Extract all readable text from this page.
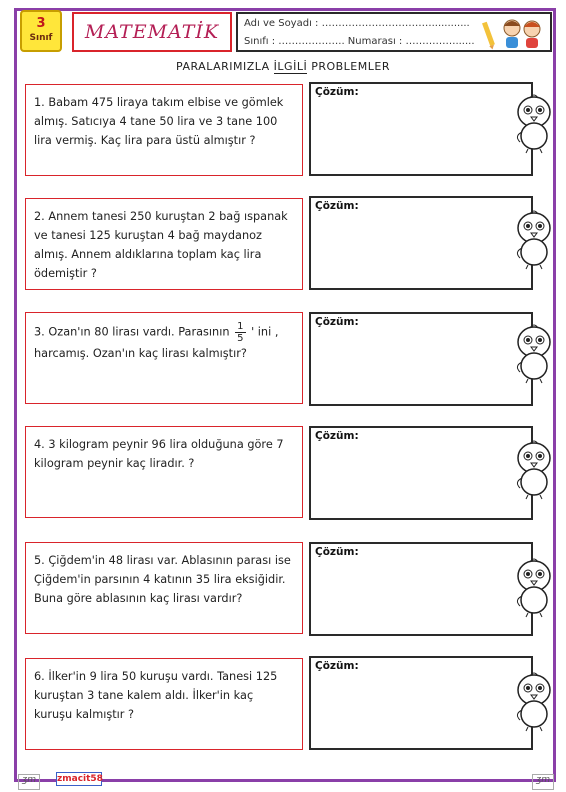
3
Sınıf	MATEMATİK Adı ve Soyadı : ……………………………............
Sınıfı : ……………….. Numarası : ……………......
PARALARIMIZLA İLGİLİ PROBLEMLER
1. Babam 475 liraya takım elbise ve gömlek almış. Satıcıya 4 tane 50 lira ve 3 tane 100 lira vermiş. Kaç lira para üstü almıştır ?
Çözüm:
2. Annem tanesi 250 kuruştan 2 bağ ıspanak ve tanesi 125 kuruştan 4 bağ maydanoz almış. Annem aldıklarına toplam kaç lira ödemiştir ?
Çözüm:
3. Ozan'ın 80 lirası vardı. Parasının $\frac{1}{5}$ ' ini , harcamış. Ozan'ın kaç lirası kalmıştır?
Çözüm:
4. 3 kilogram peynir 96 lira olduğuna göre 7 kilogram peynir kaç liradır. ?
Çözüm:
5. Çiğdem'in 48 lirası var. Ablasının parası ise Çiğdem'in parsının 4 katının 35 lira eksiğidir. Buna göre ablasının kaç lirası vardır?
Çözüm:
6. İlker'in 9 lira 50 kuruşu vardı. Tanesi 125 kuruştan 3 tane kalem aldı. İlker'in kaç kuruşu kalmıştır ?
Çözüm:
ʒm	zmacit58	ʒm
